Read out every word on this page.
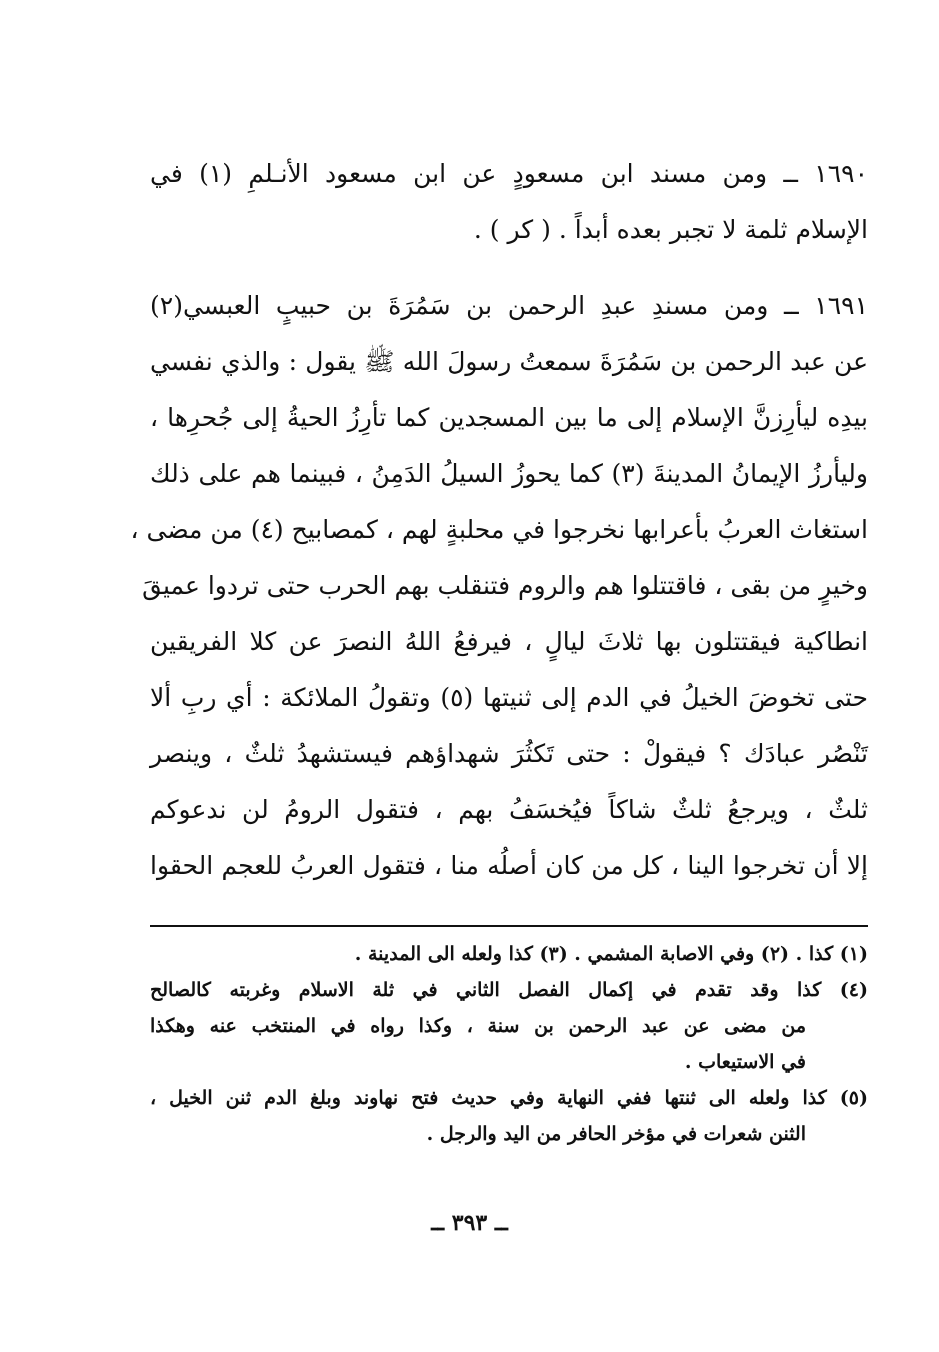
١٦٩٠ ــ ومن مسند ابن مسعودٍ عن ابن مسعود الأنـلمِ (١) في
الإسلام ثلمة لا تجبر بعده أبداً . ( كر ) .
١٦٩١ ــ ومن مسندِ عبدِ الرحمن بن سَمُرَةَ بن حبيبٍ العبسي(٢)
عن عبد الرحمن بن سَمُرَةَ سمعتُ رسولَ الله ﷺ يقول : والذي نفسي
بيدِه ليأرِزنَّ الإسلام إلى ما بين المسجدين كما تأرِزُ الحيةُ إلى جُحرِها ،
وليأرزُ الإيمانُ المدينةَ (٣) كما يحوزُ السيلُ الدَمِنُ ، فبينما هم على ذلك
استغاث العربُ بأعرابها نخرجوا في محلبةٍ لهم ، كمصابيح (٤) من مضى ،
وخيرٍ من بقى ، فاقتتلوا هم والروم فتنقلب بهم الحرب حتى تردوا عميقَ
انطاكية فيقتتلون بها ثلاثَ ليالٍ ، فيرفعُ اللهُ النصرَ عن كلا الفريقين
حتى تخوضَ الخيلُ في الدم إلى ثنيتها (٥) وتقولُ الملائكة : أي ربِ ألا
تَنْصُر عبادَك ؟ فيقولْ : حتى تَكثُرَ شهداؤهم فيستشهدُ ثلثٌ ، وينصر
ثلثٌ ، ويرجعُ ثلثٌ شاكاً فيُخسَفُ بهم ، فتقول الرومُ لن ندعوكم
إلا أن تخرجوا الينا ، كل من كان أصلُه منا ، فتقول العربُ للعجم الحقوا
(١) كذا . (٢) وفي الاصابة المشمي . (٣) كذا ولعله الى المدينة .
(٤) كذا وقد تقدم في إكمال الفصل الثاني في ثلة الاسلام وغربته كالصالح
من مضى عن عبد الرحمن بن سنة ، وكذا رواه في المنتخب عنه وهكذا
في الاستيعاب .
(٥) كذا ولعله الى ثنتها ففي النهاية وفي حديث فتح نهاوند وبلغ الدم ثنن الخيل ،
الثنن شعرات في مؤخر الحافر من اليد والرجل .
ــ ٣٩٣ ــ
